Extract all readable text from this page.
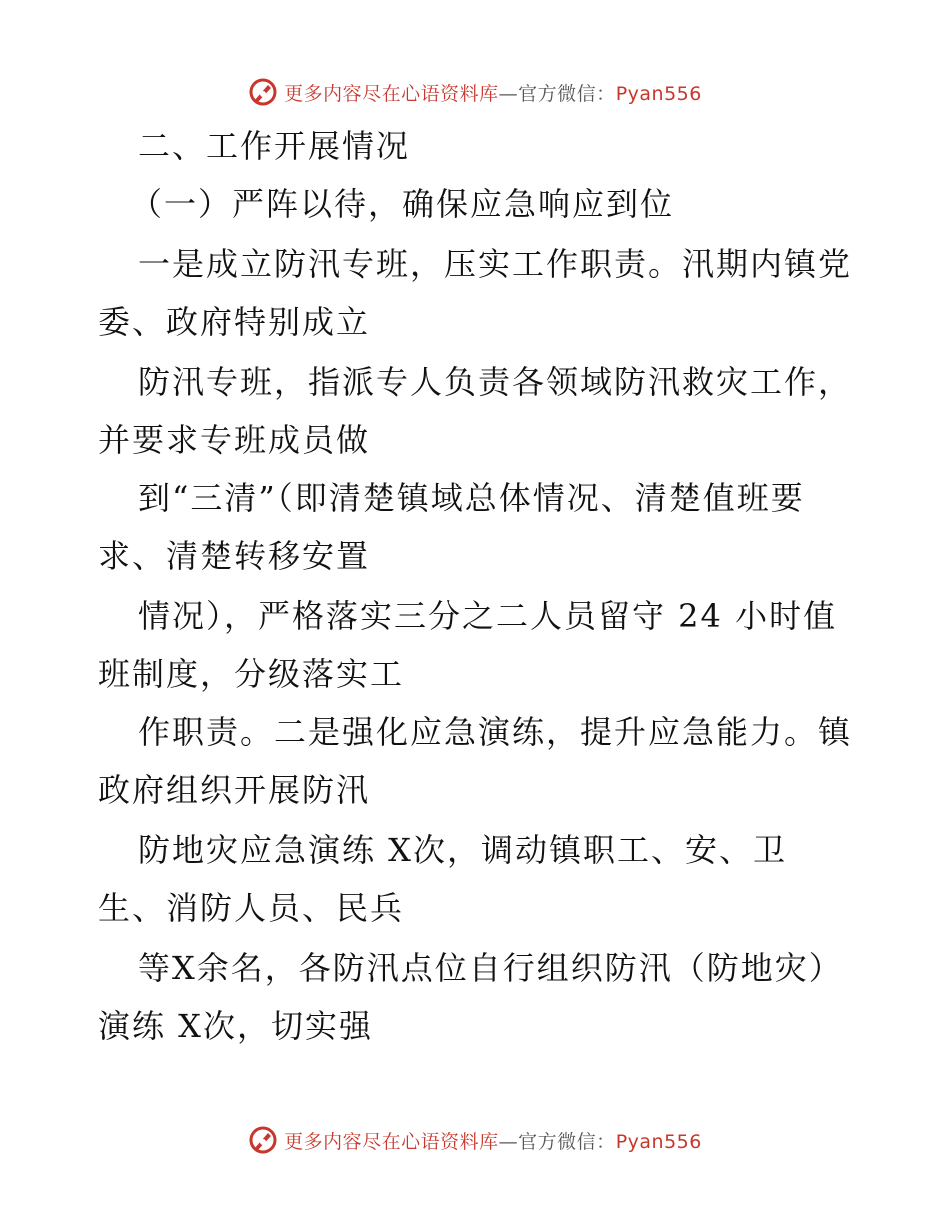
更多内容尽在心语资料库—官方微信：Pyan556
二、工作开展情况
（一）严阵以待，确保应急响应到位
一是成立防汛专班，压实工作职责。汛期内镇党
委、政府特别成立
防汛专班，指派专人负责各领域防汛救灾工作，
并要求专班成员做
到“三清”（即清楚镇域总体情况、清楚值班要
求、清楚转移安置
情况），严格落实三分之二人员留守 24 小时值
班制度，分级落实工
作职责。二是强化应急演练，提升应急能力。镇
政府组织开展防汛
防地灾应急演练 X次，调动镇职工、安、卫
生、消防人员、民兵
等X余名，各防汛点位自行组织防汛（防地灾）
演练 X次，切实强
更多内容尽在心语资料库—官方微信：Pyan556
